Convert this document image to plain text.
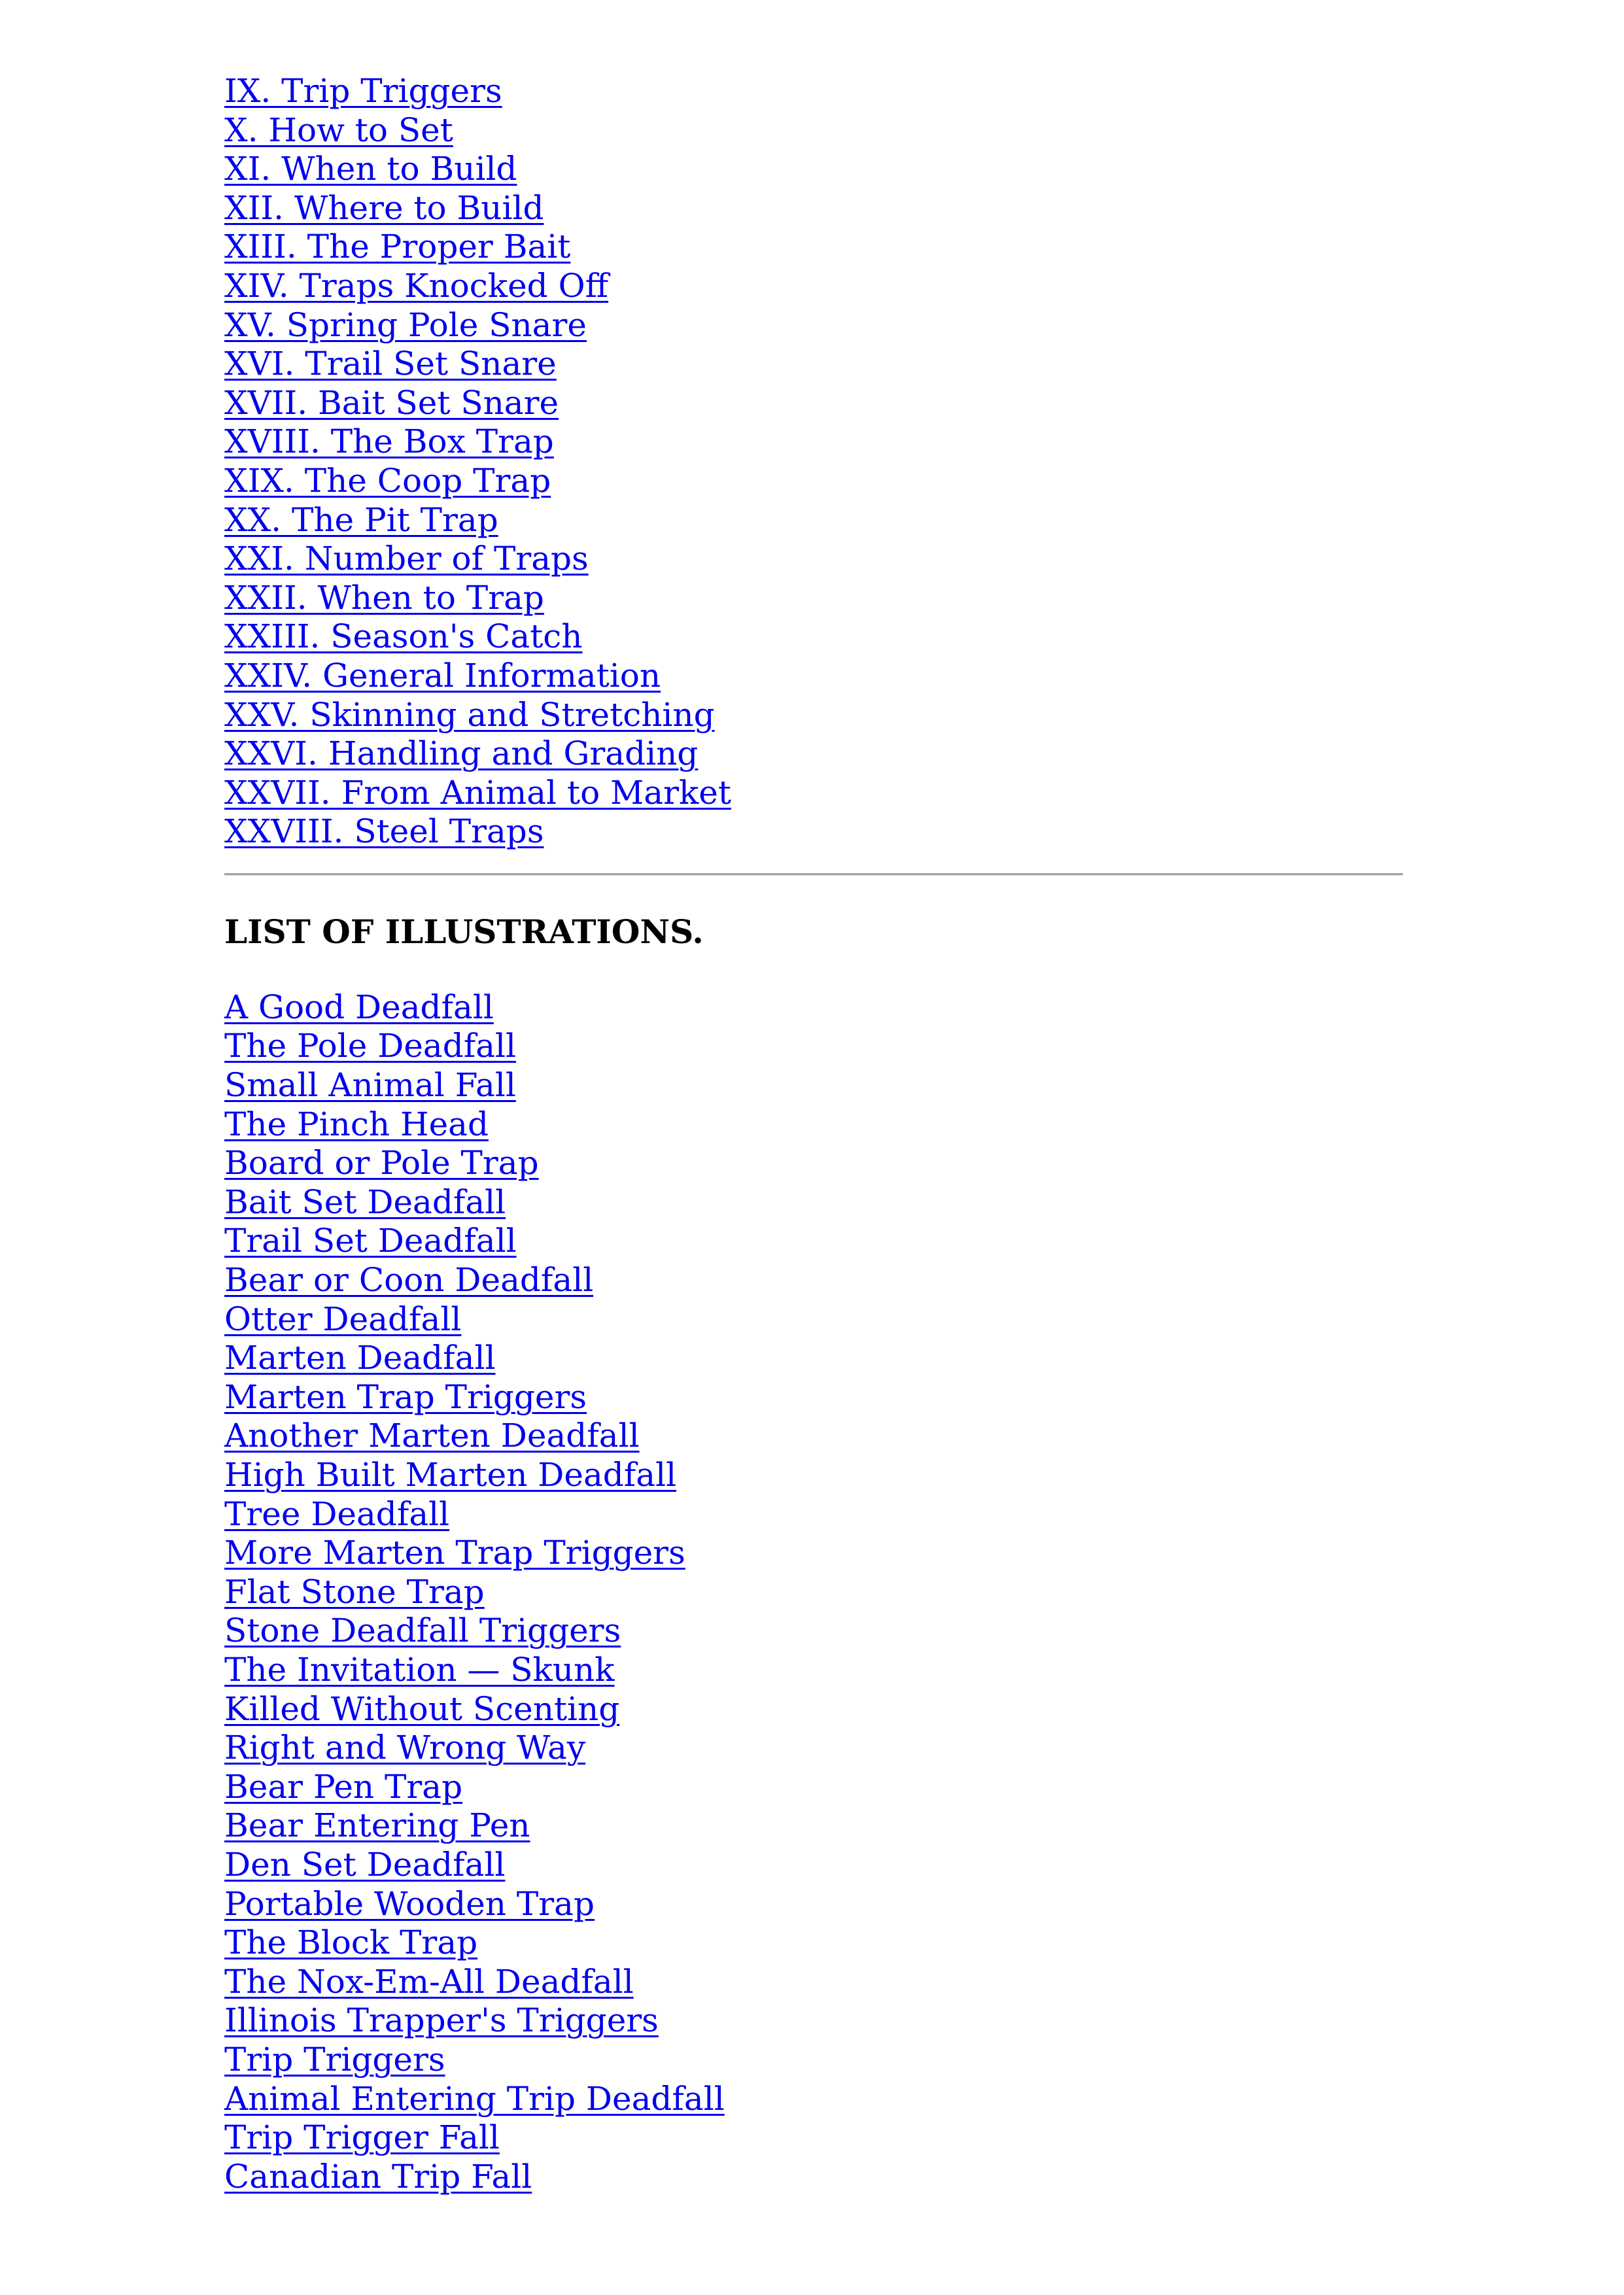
IX. Trip Triggers
X. How to Set
XI. When to Build
XII. Where to Build
XIII. The Proper Bait
XIV. Traps Knocked Off
XV. Spring Pole Snare
XVI. Trail Set Snare
XVII. Bait Set Snare
XVIII. The Box Trap
XIX. The Coop Trap
XX. The Pit Trap
XXI. Number of Traps
XXII. When to Trap
XXIII. Season's Catch
XXIV. General Information
XXV. Skinning and Stretching
XXVI. Handling and Grading
XXVII. From Animal to Market
XXVIII. Steel Traps
LIST OF ILLUSTRATIONS.
A Good Deadfall
The Pole Deadfall
Small Animal Fall
The Pinch Head
Board or Pole Trap
Bait Set Deadfall
Trail Set Deadfall
Bear or Coon Deadfall
Otter Deadfall
Marten Deadfall
Marten Trap Triggers
Another Marten Deadfall
High Built Marten Deadfall
Tree Deadfall
More Marten Trap Triggers
Flat Stone Trap
Stone Deadfall Triggers
The Invitation — Skunk
Killed Without Scenting
Right and Wrong Way
Bear Pen Trap
Bear Entering Pen
Den Set Deadfall
Portable Wooden Trap
The Block Trap
The Nox-Em-All Deadfall
Illinois Trapper's Triggers
Trip Triggers
Animal Entering Trip Deadfall
Trip Trigger Fall
Canadian Trip Fall
